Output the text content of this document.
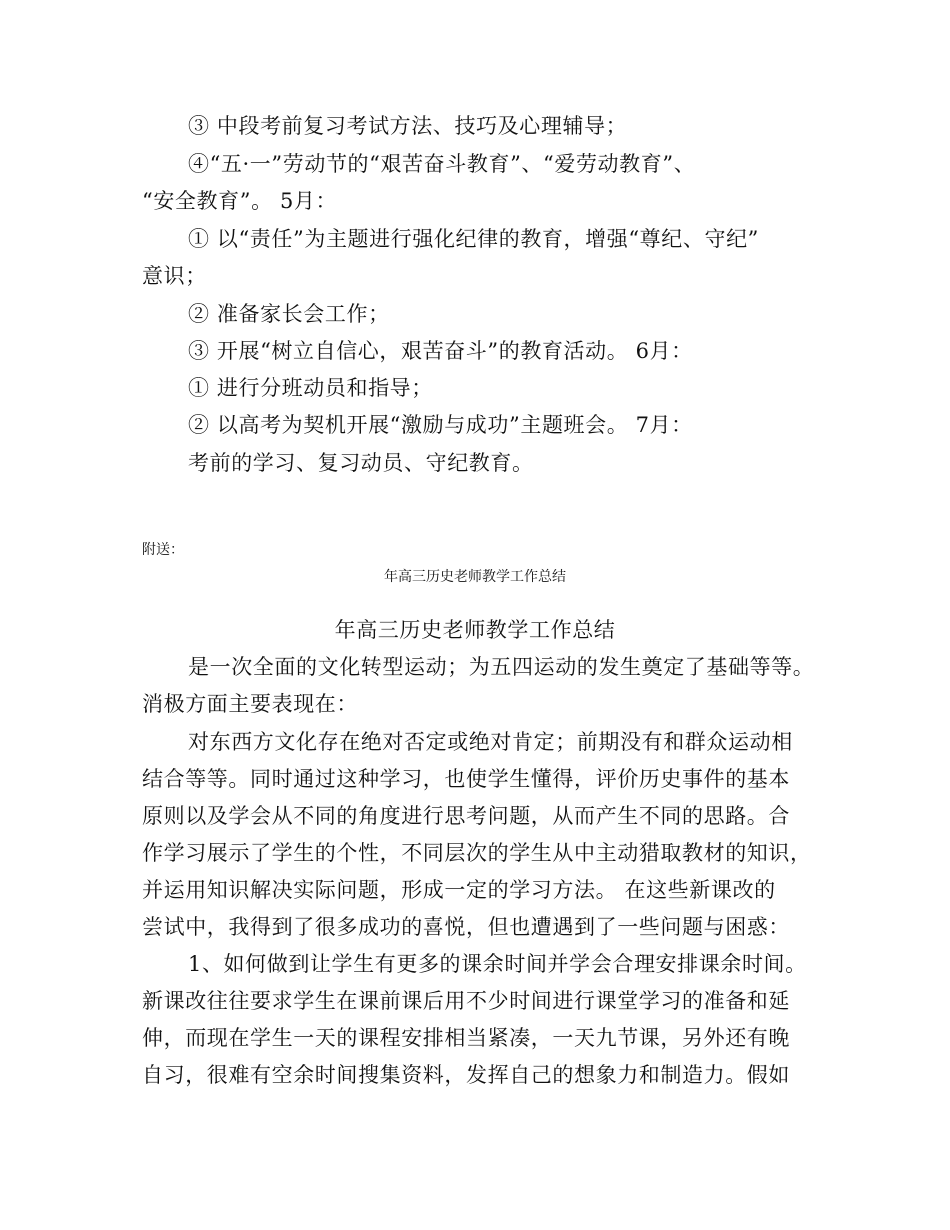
③ 中段考前复习考试方法、技巧及心理辅导；

④“五·一”劳动节的“艰苦奋斗教育”、“爱劳动教育”、

“安全教育”。 5月：

① 以“责任”为主题进行强化纪律的教育，增强“尊纪、守纪”

意识；

② 准备家长会工作；

③ 开展“树立自信心，艰苦奋斗”的教育活动。 6月：

① 进行分班动员和指导；

② 以高考为契机开展“激励与成功”主题班会。 7月：

考前的学习、复习动员、守纪教育。

附送：

年高三历史老师教学工作总结

年高三历史老师教学工作总结

是一次全面的文化转型运动；为五四运动的发生奠定了基础等等。

消极方面主要表现在：

对东西方文化存在绝对否定或绝对肯定；前期没有和群众运动相

结合等等。同时通过这种学习，也使学生懂得，评价历史事件的基本

原则以及学会从不同的角度进行思考问题，从而产生不同的思路。合

作学习展示了学生的个性，不同层次的学生从中主动猎取教材的知识，

并运用知识解决实际问题，形成一定的学习方法。 在这些新课改的

尝试中，我得到了很多成功的喜悦，但也遭遇到了一些问题与困惑：

1、如何做到让学生有更多的课余时间并学会合理安排课余时间。

新课改往往要求学生在课前课后用不少时间进行课堂学习的准备和延

伸，而现在学生一天的课程安排相当紧凑，一天九节课，另外还有晚

自习，很难有空余时间搜集资料，发挥自己的想象力和制造力。假如
